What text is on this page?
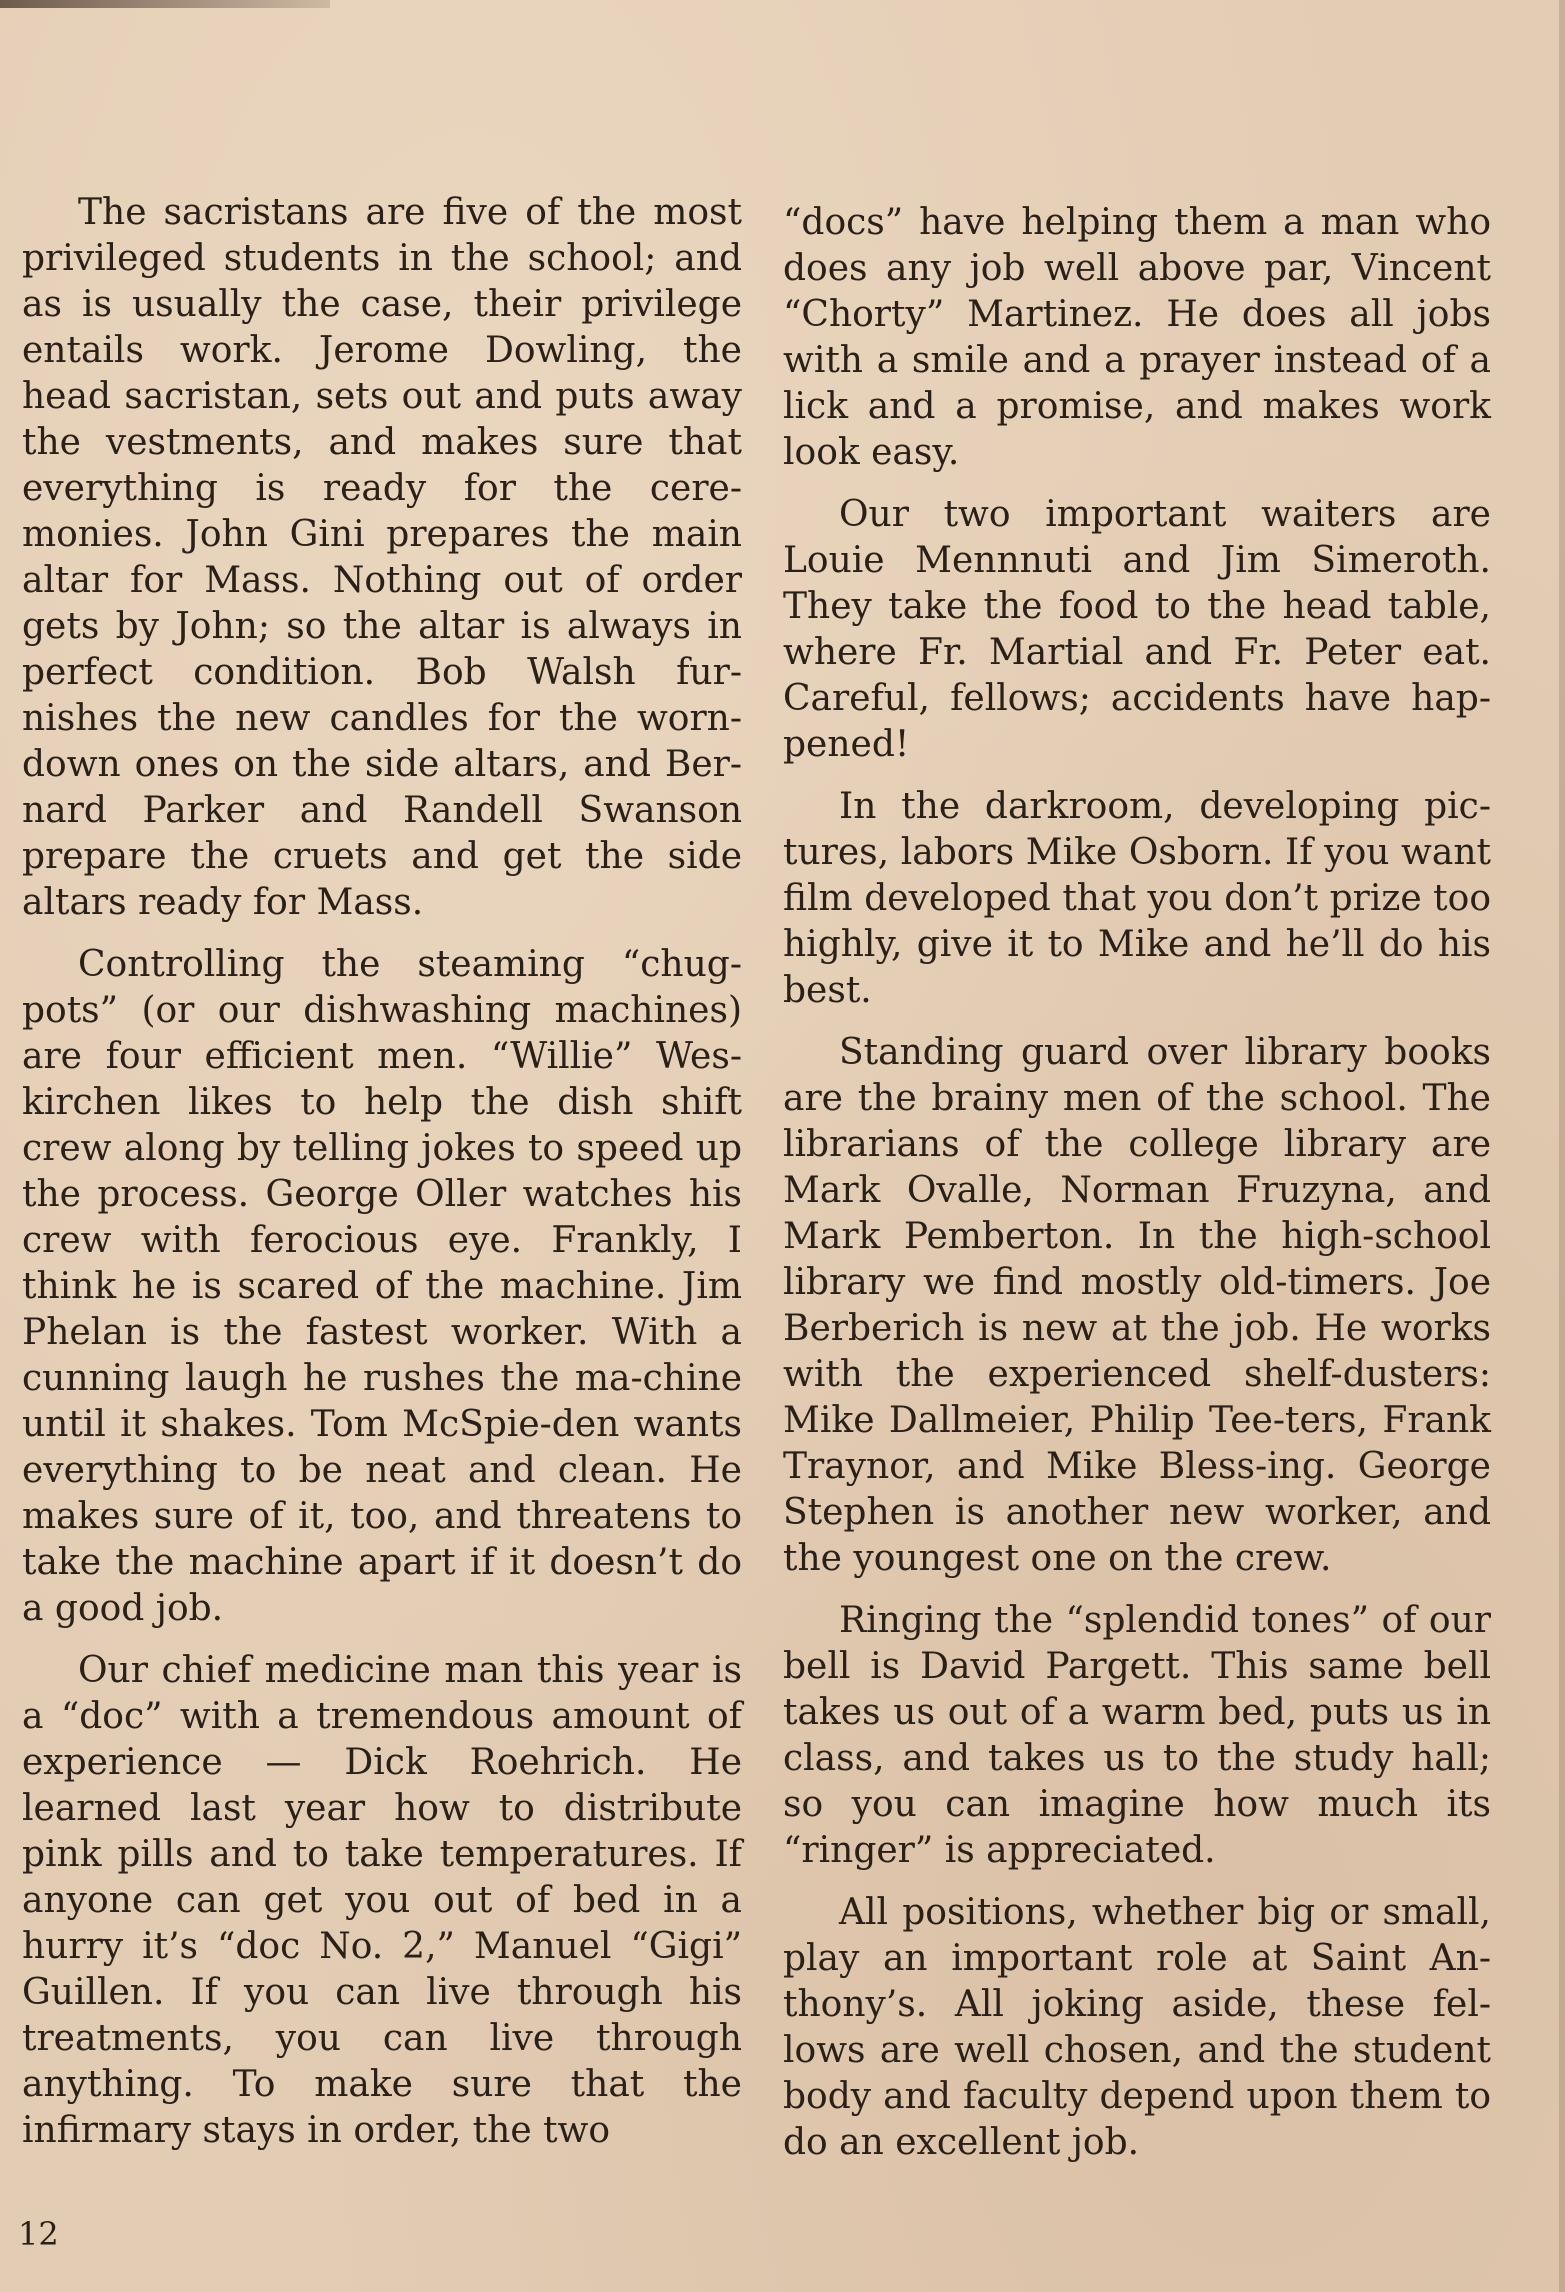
The sacristans are five of the most privileged students in the school; and as is usually the case, their privilege entails work. Jerome Dowling, the head sacristan, sets out and puts away the vestments, and makes sure that everything is ready for the cere-monies. John Gini prepares the main altar for Mass. Nothing out of order gets by John; so the altar is always in perfect condition. Bob Walsh fur-nishes the new candles for the worn-down ones on the side altars, and Ber-nard Parker and Randell Swanson prepare the cruets and get the side altars ready for Mass.

Controlling the steaming “chug-pots” (or our dishwashing machines) are four efficient men. “Willie” Wes-kirchen likes to help the dish shift crew along by telling jokes to speed up the process. George Oller watches his crew with ferocious eye. Frankly, I think he is scared of the machine. Jim Phelan is the fastest worker. With a cunning laugh he rushes the ma-chine until it shakes. Tom McSpie-den wants everything to be neat and clean. He makes sure of it, too, and threatens to take the machine apart if it doesn’t do a good job.

Our chief medicine man this year is a “doc” with a tremendous amount of experience — Dick Roehrich. He learned last year how to distribute pink pills and to take temperatures. If anyone can get you out of bed in a hurry it’s “doc No. 2,” Manuel “Gigi” Guillen. If you can live through his treatments, you can live through anything. To make sure that the infirmary stays in order, the two

“docs” have helping them a man who does any job well above par, Vincent “Chorty” Martinez. He does all jobs with a smile and a prayer instead of a lick and a promise, and makes work look easy.

Our two important waiters are Louie Mennnuti and Jim Simeroth. They take the food to the head table, where Fr. Martial and Fr. Peter eat. Careful, fellows; accidents have hap-pened!

In the darkroom, developing pic-tures, labors Mike Osborn. If you want film developed that you don’t prize too highly, give it to Mike and he’ll do his best.

Standing guard over library books are the brainy men of the school. The librarians of the college library are Mark Ovalle, Norman Fruzyna, and Mark Pemberton. In the high-school library we find mostly old-timers. Joe Berberich is new at the job. He works with the experienced shelf-dusters: Mike Dallmeier, Philip Tee-ters, Frank Traynor, and Mike Bless-ing. George Stephen is another new worker, and the youngest one on the crew.

Ringing the “splendid tones” of our bell is David Pargett. This same bell takes us out of a warm bed, puts us in class, and takes us to the study hall; so you can imagine how much its “ringer” is appreciated.

All positions, whether big or small, play an important role at Saint An-thony’s. All joking aside, these fel-lows are well chosen, and the student body and faculty depend upon them to do an excellent job.

12
